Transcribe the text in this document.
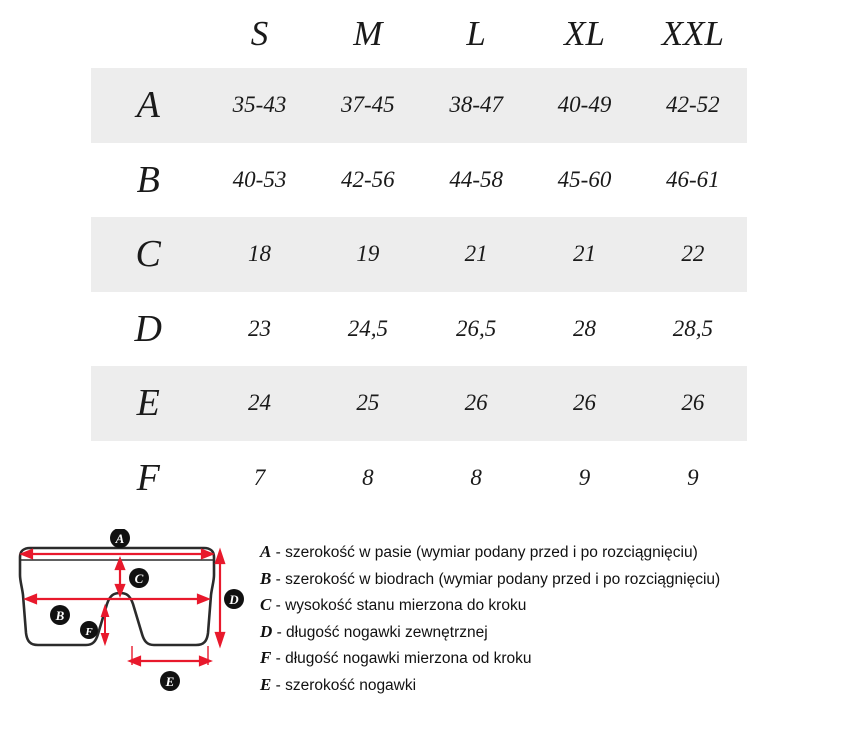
	S	M	L	XL	XXL
A	35-43	37-45	38-47	40-49	42-52
B	40-53	42-56	44-58	45-60	46-61
C	18	19	21	21	22
D	23	24,5	26,5	28	28,5
E	24	25	26	26	26
F	7	8	8	9	9
A
C
D
B
F
E
A - szerokość w pasie (wymiar podany przed i po rozciągnięciu)
B - szerokość w biodrach (wymiar podany przed i po rozciągnięciu)
C - wysokość stanu mierzona do kroku
D - długość nogawki zewnętrznej
F - długość nogawki mierzona od kroku
E - szerokość nogawki
